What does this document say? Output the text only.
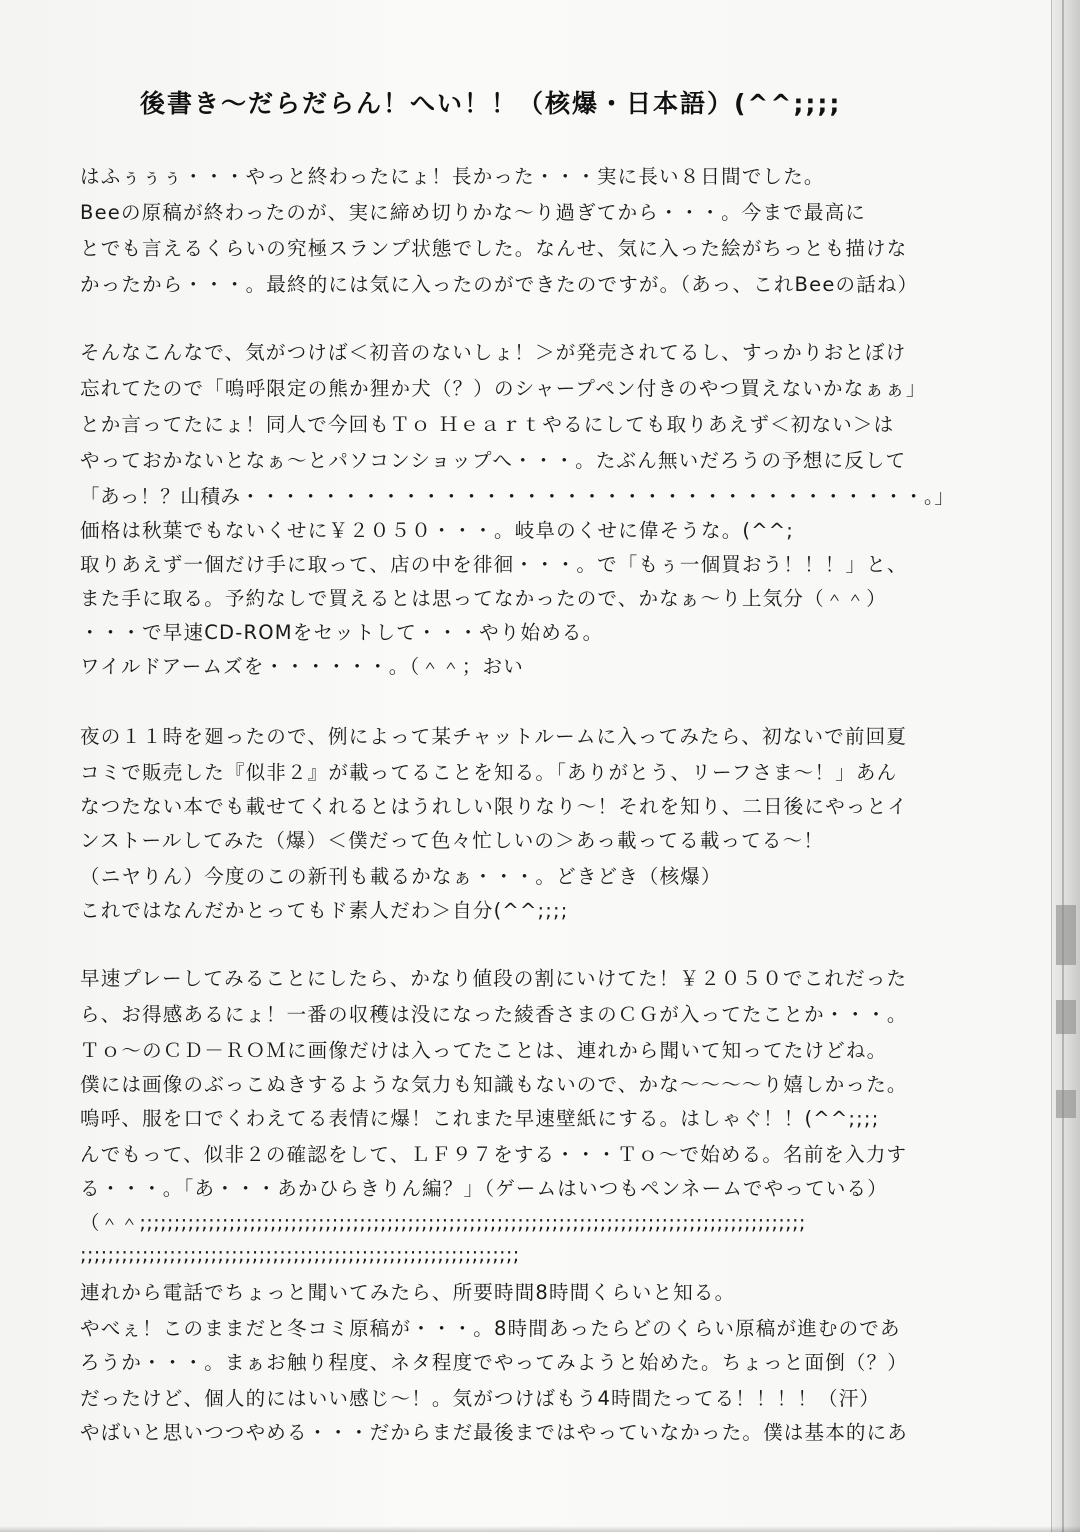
後書き～だらだらん！へい！！（核爆・日本語）(^^;;;;
はふぅぅぅ・・・やっと終わったにょ！長かった・・・実に長い８日間でした。
Beeの原稿が終わったのが、実に締め切りかな～り過ぎてから・・・。今まで最高に
とでも言えるくらいの究極スランプ状態でした。なんせ、気に入った絵がちっとも描けな
かったから・・・。最終的には気に入ったのができたのですが。（あっ、これBeeの話ね）
そんなこんなで、気がつけば＜初音のないしょ！＞が発売されてるし、すっかりおとぼけ
忘れてたので「嗚呼限定の熊か狸か犬（？）のシャープペン付きのやつ買えないかなぁぁ」
とか言ってたにょ！同人で今回もＴｏ Ｈｅａｒｔやるにしても取りあえず＜初ない＞は
やっておかないとなぁ～とパソコンショップへ・・・。たぶん無いだろうの予想に反して
「あっ！？山積み・・・・・・・・・・・・・・・・・・・・・・・・・・・・・・・・・・。」
価格は秋葉でもないくせに￥２０５０・・・。岐阜のくせに偉そうな。(^^;
取りあえず一個だけ手に取って、店の中を徘徊・・・。で「もぅ一個買おう！！！」と、
また手に取る。予約なしで買えるとは思ってなかったので、かなぁ～り上気分（＾＾）
・・・で早速CD-ROMをセットして・・・やり始める。
ワイルドアームズを・・・・・・。（＾＾；おい
夜の１１時を廻ったので、例によって某チャットルームに入ってみたら、初ないで前回夏
コミで販売した『似非２』が載ってることを知る。「ありがとう、リーフさま～！」あん
なつたない本でも載せてくれるとはうれしい限りなり～！それを知り、二日後にやっとイ
ンストールしてみた（爆）＜僕だって色々忙しいの＞あっ載ってる載ってる～！
（ニヤりん）今度のこの新刊も載るかなぁ・・・。どきどき（核爆）
これではなんだかとってもド素人だわ＞自分(^^;;;;
早速プレーしてみることにしたら、かなり値段の割にいけてた！￥２０５０でこれだった
ら、お得感あるにょ！一番の収穫は没になった綾香さまのＣＧが入ってたことか・・・。
Ｔｏ～のＣＤ－ＲＯＭに画像だけは入ってたことは、連れから聞いて知ってたけどね。
僕には画像のぶっこぬきするような気力も知識もないので、かな～～～～り嬉しかった。
嗚呼、服を口でくわえてる表情に爆！これまた早速壁紙にする。はしゃぐ！！(^^;;;;
んでもって、似非２の確認をして、ＬＦ９７をする・・・Ｔｏ～で始める。名前を入力す
る・・・。「あ・・・あかひらきりん編？」（ゲームはいつもペンネームでやっている）
（＾＾;;;;;;;;;;;;;;;;;;;;;;;;;;;;;;;;;;;;;;;;;;;;;;;;;;;;;;;;;;;;;;;;;;;;;;;;;;;;;;;;;;;;;;;;;;;;;;;;;
;;;;;;;;;;;;;;;;;;;;;;;;;;;;;;;;;;;;;;;;;;;;;;;;;;;;;;;;;;;;;;;;
連れから電話でちょっと聞いてみたら、所要時間8時間くらいと知る。
やべぇ！このままだと冬コミ原稿が・・・。8時間あったらどのくらい原稿が進むのであ
ろうか・・・。まぁお触り程度、ネタ程度でやってみようと始めた。ちょっと面倒（？）
だったけど、個人的にはいい感じ～！。気がつけばもう4時間たってる！！！！（汗）
やばいと思いつつやめる・・・だからまだ最後まではやっていなかった。僕は基本的にあ
